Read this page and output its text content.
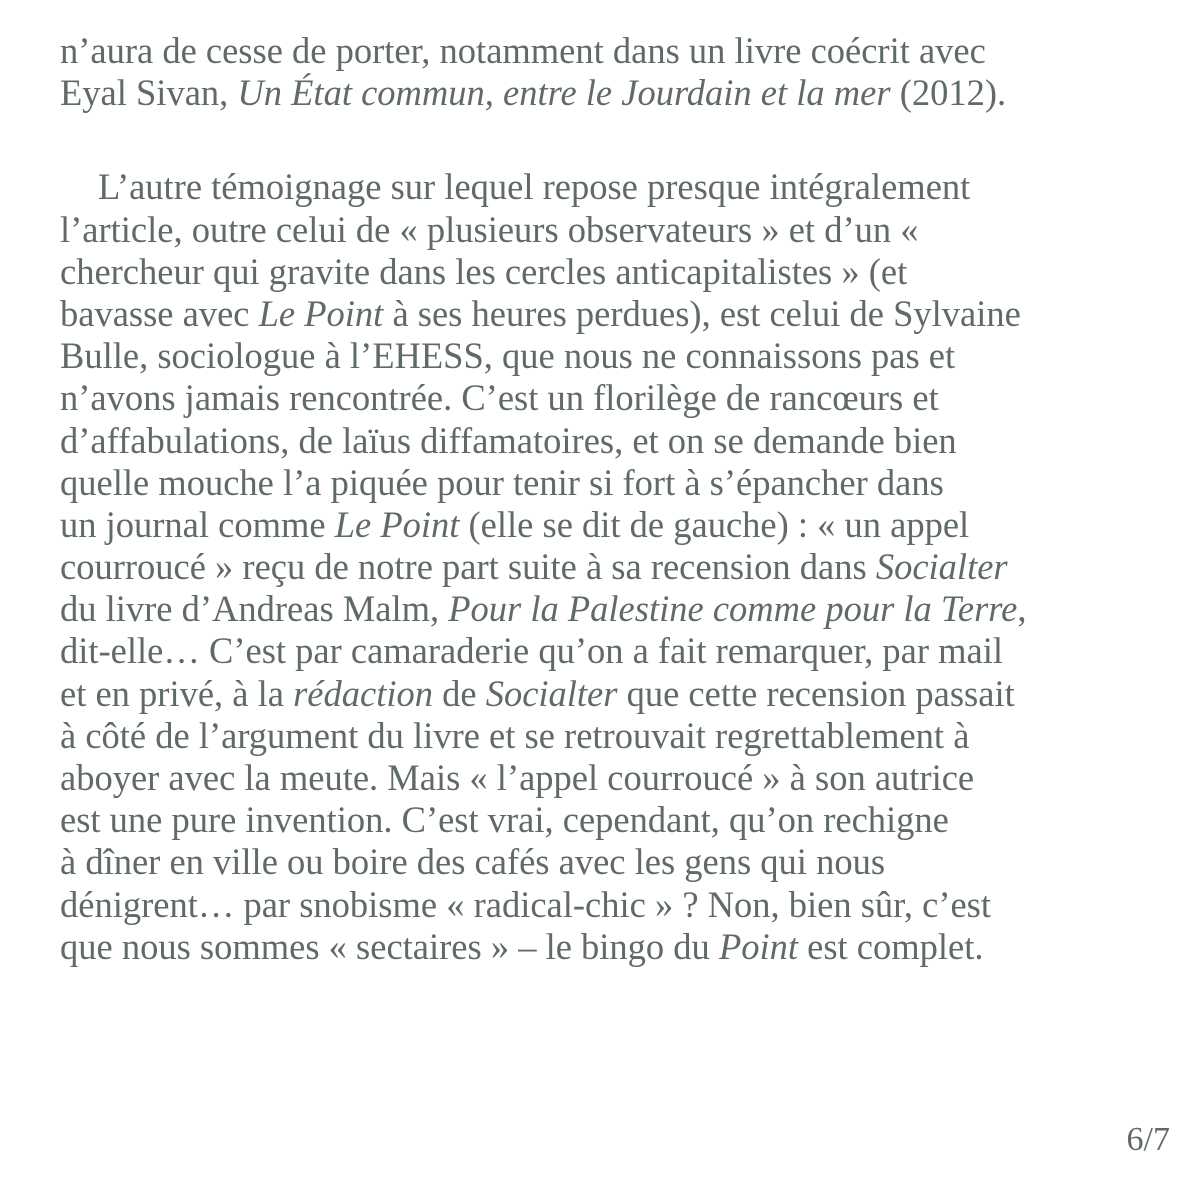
n’aura de cesse de porter, notamment dans un livre coécrit avec
Eyal Sivan, Un État commun, entre le Jourdain et la mer (2012).
L’autre témoignage sur lequel repose presque intégralement
l’article, outre celui de « plusieurs observateurs » et d’un «
chercheur qui gravite dans les cercles anticapitalistes » (et
bavasse avec Le Point à ses heures perdues), est celui de Sylvaine
Bulle, sociologue à l’EHESS, que nous ne connaissons pas et
n’avons jamais rencontrée. C’est un florilège de rancœurs et
d’affabulations, de laïus diffamatoires, et on se demande bien
quelle mouche l’a piquée pour tenir si fort à s’épancher dans
un journal comme Le Point (elle se dit de gauche) : « un appel
courroucé » reçu de notre part suite à sa recension dans Socialter
du livre d’Andreas Malm, Pour la Palestine comme pour la Terre,
dit-elle… C’est par camaraderie qu’on a fait remarquer, par mail
et en privé, à la rédaction de Socialter que cette recension passait
à côté de l’argument du livre et se retrouvait regrettablement à
aboyer avec la meute. Mais « l’appel courroucé » à son autrice
est une pure invention. C’est vrai, cependant, qu’on rechigne
à dîner en ville ou boire des cafés avec les gens qui nous
dénigrent… par snobisme « radical-chic » ? Non, bien sûr, c’est
que nous sommes « sectaires » – le bingo du Point est complet.
6/7
